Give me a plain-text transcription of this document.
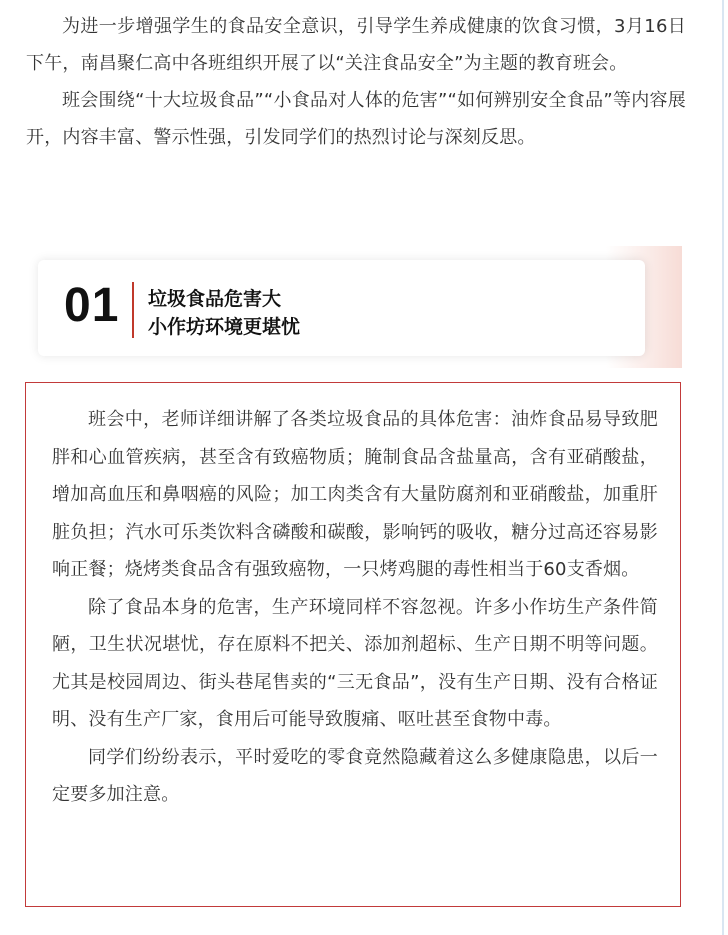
为进一步增强学生的食品安全意识，引导学生养成健康的饮食习惯，3月16日下午，南昌聚仁高中各班组织开展了以“关注食品安全”为主题的教育班会。

班会围绕“十大垃圾食品”“小食品对人体的危害”“如何辨别安全食品”等内容展开，内容丰富、警示性强，引发同学们的热烈讨论与深刻反思。

01 垃圾食品危害大
小作坊环境更堪忧

班会中，老师详细讲解了各类垃圾食品的具体危害：油炸食品易导致肥胖和心血管疾病，甚至含有致癌物质；腌制食品含盐量高，含有亚硝酸盐，增加高血压和鼻咽癌的风险；加工肉类含有大量防腐剂和亚硝酸盐，加重肝脏负担；汽水可乐类饮料含磷酸和碳酸，影响钙的吸收，糖分过高还容易影响正餐；烧烤类食品含有强致癌物，一只烤鸡腿的毒性相当于60支香烟。

除了食品本身的危害，生产环境同样不容忽视。许多小作坊生产条件简陋，卫生状况堪忧，存在原料不把关、添加剂超标、生产日期不明等问题。尤其是校园周边、街头巷尾售卖的“三无食品”，没有生产日期、没有合格证明、没有生产厂家，食用后可能导致腹痛、呕吐甚至食物中毒。

同学们纷纷表示，平时爱吃的零食竟然隐藏着这么多健康隐患，以后一定要多加注意。
